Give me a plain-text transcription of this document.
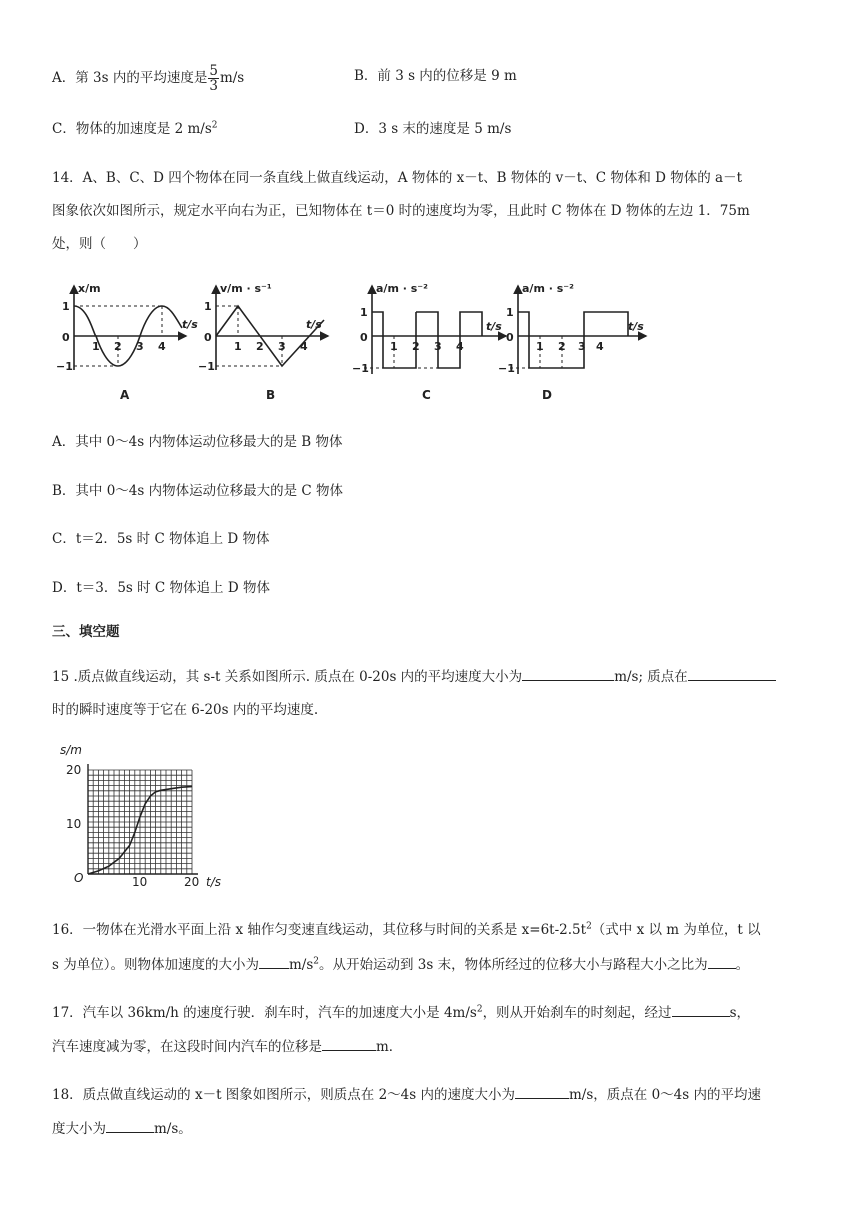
A．第 3s 内的平均速度是 $\frac{5}{3} m/s$	B．前 3 s 内的位移是 9 m
C．物体的加速度是 2 $m/s^2$	D．3 s 末的速度是 5 m/s
14．A、B、C、D 四个物体在同一条直线上做直线运动，A 物体的 x－t、B 物体的 v－t、C 物体和 D 物体的 a－t
图象依次如图所示，规定水平向右为正，已知物体在 t＝0 时的速度均为零，且此时 C 物体在 D 物体的左边 1．75m
处，则（　　）
x/m
1
0
−1
1 2 3 4
t/s
A
v/m · s⁻¹
1
0
−1
1 2 3 4
t/s
B
a/m · s⁻²
1
0
−1
1 2 3 4
t/s
C
a/m · s⁻²
1
0
−1
1 2 3 4
t/s
D
A．其中 0～4s 内物体运动位移最大的是 B 物体
B．其中 0～4s 内物体运动位移最大的是 C 物体
C．t＝2．5s 时 C 物体追上 D 物体
D．t＝3．5s 时 C 物体追上 D 物体
三、填空题
15 .质点做直线运动，其 s-t 关系如图所示. 质点在 0-20s 内的平均速度大小为	m/s; 质点在
时的瞬时速度等于它在 6-20s 内的平均速度.
s/m
t/s
O
10
20
10	20
16．一物体在光滑水平面上沿 x 轴作匀变速直线运动，其位移与时间的关系是 $x=6t-2.5t^2$（式中 x 以 m 为单位，t 以
s 为单位）。则物体加速度的大小为 $m/s^2$。从开始运动到 3s 末，物体所经过的位移大小与路程大小之比为 。
17．汽车以 36km/h 的速度行驶．刹车时，汽车的加速度大小是 $4m/s^2$，则从开始刹车的时刻起，经过	s，
汽车速度减为零，在这段时间内汽车的位移是	m．
18．质点做直线运动的 x－t 图象如图所示，则质点在 2～4s 内的速度大小为	m/s，质点在 0～4s 内的平均速
度大小为	m/s。
